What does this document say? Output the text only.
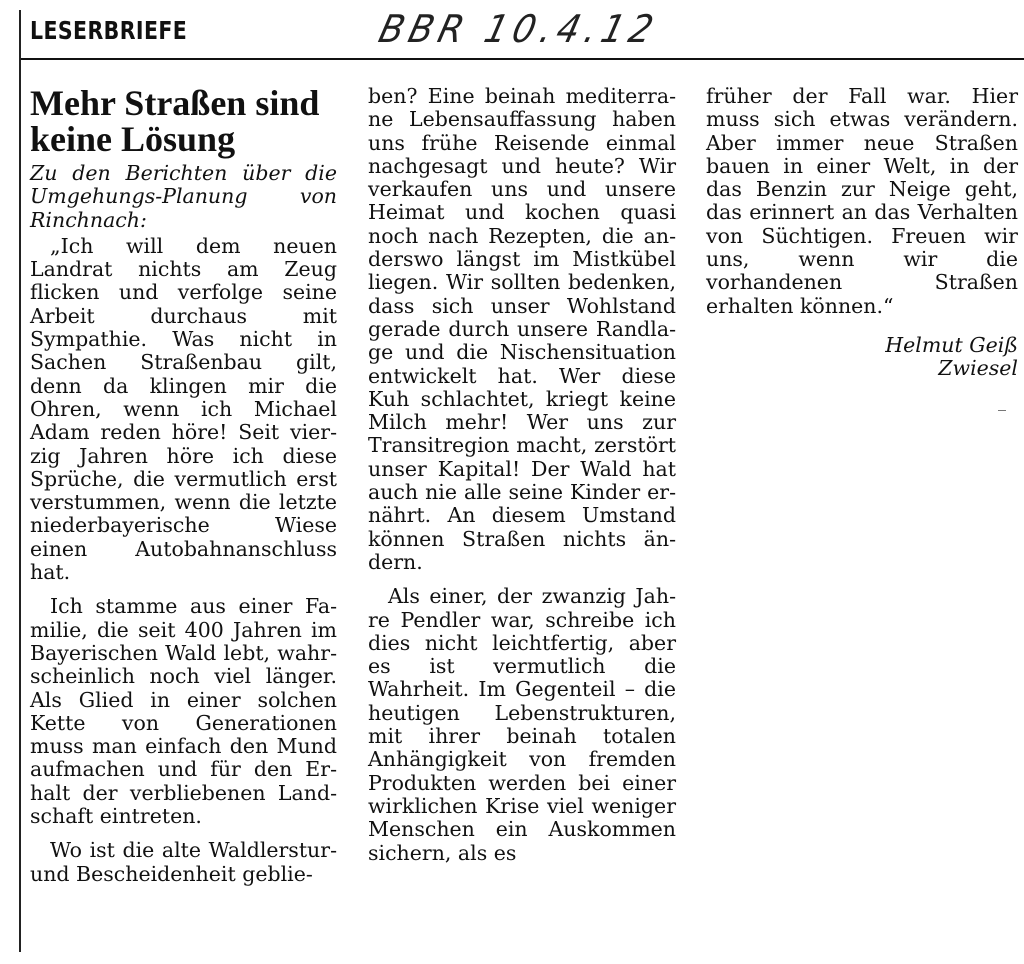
LESERBRIEFE	BBR 10.4.12
Mehr Straßen sind keine Lösung

Zu den Berichten über die Umgehungs-Planung von Rinchnach:

„Ich will dem neuen Landrat nichts am Zeug flicken und verfolge seine Arbeit durchaus mit Sympathie. Was nicht in Sachen Straßenbau gilt, denn da klingen mir die Ohren, wenn ich Michael Adam reden höre! Seit vierzig Jahren höre ich diese Sprüche, die vermutlich erst verstummen, wenn die letzte niederbayerische Wiese einen Autobahnanschluss hat.

Ich stamme aus einer Familie, die seit 400 Jahren im Bayerischen Wald lebt, wahrscheinlich noch viel länger. Als Glied in einer solchen Kette von Generationen muss man einfach den Mund aufmachen und für den Erhalt der verbliebenen Landschaft eintreten.

Wo ist die alte Waldlerstur- und Bescheidenheit geblie-

ben? Eine beinah mediterrane Lebensauffassung haben uns frühe Reisende einmal nachgesagt und heute? Wir verkaufen uns und unsere Heimat und kochen quasi noch nach Rezepten, die anderswo längst im Mistkübel liegen. Wir sollten bedenken, dass sich unser Wohlstand gerade durch unsere Randlage und die Nischensituation entwickelt hat. Wer diese Kuh schlachtet, kriegt keine Milch mehr! Wer uns zur Transitregion macht, zerstört unser Kapital! Der Wald hat auch nie alle seine Kinder ernährt. An diesem Umstand können Straßen nichts ändern.

Als einer, der zwanzig Jahre Pendler war, schreibe ich dies nicht leichtfertig, aber es ist vermutlich die Wahrheit. Im Gegenteil – die heutigen Lebenstrukturen, mit ihrer beinah totalen Anhängigkeit von fremden Produkten werden bei einer wirklichen Krise viel weniger Menschen ein Auskommen sichern, als es

früher der Fall war. Hier muss sich etwas verändern. Aber immer neue Straßen bauen in einer Welt, in der das Benzin zur Neige geht, das erinnert an das Verhalten von Süchtigen. Freuen wir uns, wenn wir die vorhandenen Straßen erhalten können.“

Helmut Geiß
Zwiesel
